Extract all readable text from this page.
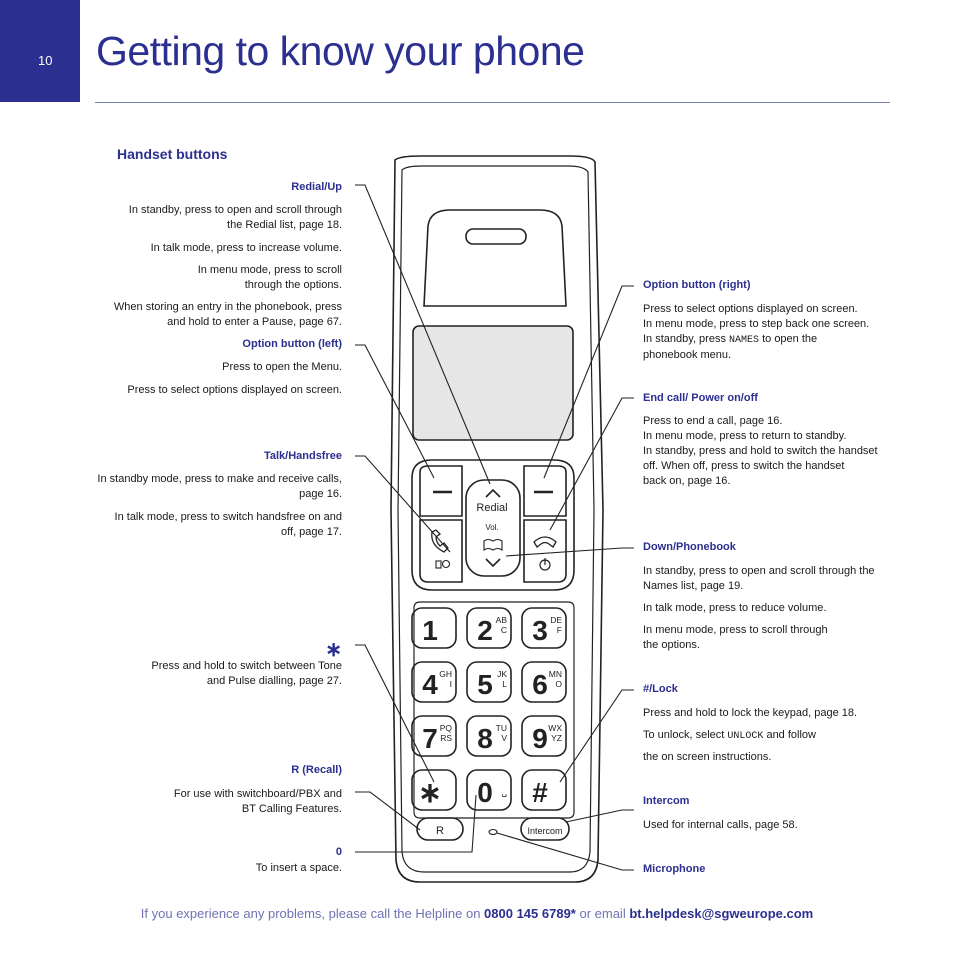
10 Getting to know your phone
Handset buttons
Redial/Up
In standby, press to open and scroll through
the Redial list, page 18.
In talk mode, press to increase volume.
In menu mode, press to scroll
through the options.
When storing an entry in the phonebook, press
and hold to enter a Pause, page 67.
Option button (left)
Press to open the Menu.
Press to select options displayed on screen.
Talk/Handsfree
In standby mode, press to make and receive calls,
page 16.
In talk mode, press to switch handsfree on and
off, page 17.
∗
Press and hold to switch between Tone
and Pulse dialling, page 27.
R (Recall)
For use with switchboard/PBX and
BT Calling Features.
0
To insert a space.
Option button (right)
Press to select options displayed on screen.
In menu mode, press to step back one screen.
In standby, press NAMES to open the
phonebook menu.
End call/ Power on/off
Press to end a call, page 16.
In menu mode, press to return to standby.
In standby, press and hold to switch the handset
off. When off, press to switch the handset
back on, page 16.
Down/Phonebook
In standby, press to open and scroll through the
Names list, page 19.
In talk mode, press to reduce volume.
In menu mode, press to scroll through
the options.
#/Lock
Press and hold to lock the keypad, page 18.
To unlock, select UNLOCK and follow
the on screen instructions.
Intercom
Used for internal calls, page 58.
Microphone
Redial
Vol.
R	Intercom
1 2 AB
C 3 DE
F
4 GH
I 5 JK
L 6 MN
O
7 PQ
RS 8 TU
V 9 WX
YZ
∗ 0 ␣ #
If you experience any problems, please call the Helpline on 0800 145 6789* or email bt.helpdesk@sgweurope.com
